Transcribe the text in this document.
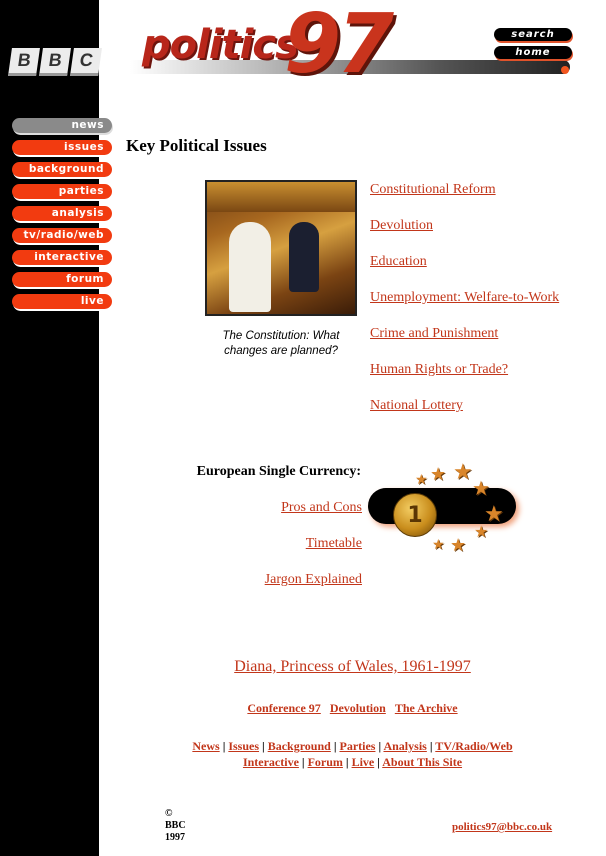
B B C politics
97	search
home
news
issues
background
parties
analysis
tv/radio/web
interactive
forum
live
Key Political Issues
The Constitution: What changes are planned?
Constitutional Reform
Devolution
Education
Unemployment: Welfare-to-Work
Crime and Punishment
Human Rights or Trade?
National Lottery
European Single Currency:
Pros and Cons
Timetable
Jargon Explained
1
★ ★
★
★
★
★
★
★
Diana, Princess of Wales, 1961-1997
Conference 97 Devolution The Archive
News | Issues | Background | Parties | Analysis | TV/Radio/Web
Interactive | Forum | Live | About This Site
©
BBC
1997
politics97@bbc.co.uk
